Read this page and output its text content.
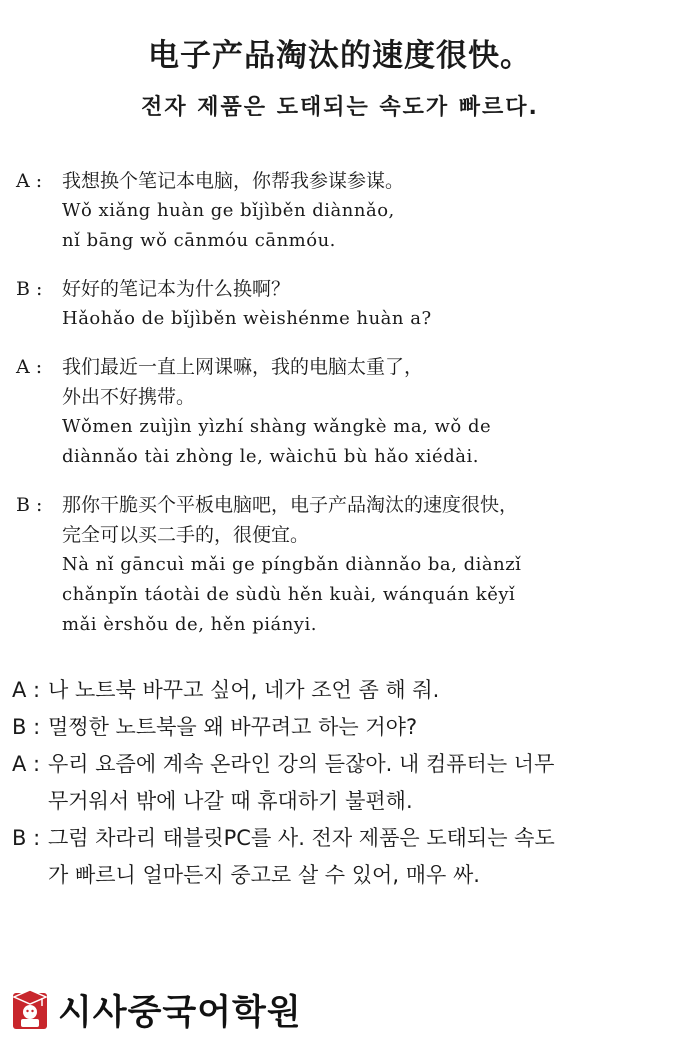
电子产品淘汰的速度很快。
전자 제품은 도태되는 속도가 빠르다.
A :	我想换个笔记本电脑，你帮我参谋参谋。
Wǒ xiǎng huàn ge bǐjìběn diànnǎo,
nǐ bāng wǒ cānmóu cānmóu.
B :	好好的笔记本为什么换啊？
Hǎohǎo de bǐjìběn wèishénme huàn a?
A :	我们最近一直上网课嘛，我的电脑太重了，
外出不好携带。
Wǒmen zuìjìn yìzhí shàng wǎngkè ma, wǒ de
diànnǎo tài zhòng le, wàichū bù hǎo xiédài.
B :	那你干脆买个平板电脑吧，电子产品淘汰的速度很快，
完全可以买二手的，很便宜。
Nà nǐ gāncuì mǎi ge píngbǎn diànnǎo ba, diànzǐ
chǎnpǐn táotài de sùdù hěn kuài, wánquán kěyǐ
mǎi èrshǒu de, hěn piányi.
A : 나 노트북 바꾸고 싶어, 네가 조언 좀 해 줘.
B : 멀쩡한 노트북을 왜 바꾸려고 하는 거야?
A : 우리 요즘에 계속 온라인 강의 듣잖아. 내 컴퓨터는 너무
무거워서 밖에 나갈 때 휴대하기 불편해.
B : 그럼 차라리 태블릿PC를 사. 전자 제품은 도태되는 속도
가 빠르니 얼마든지 중고로 살 수 있어, 매우 싸.
시사중국어학원
